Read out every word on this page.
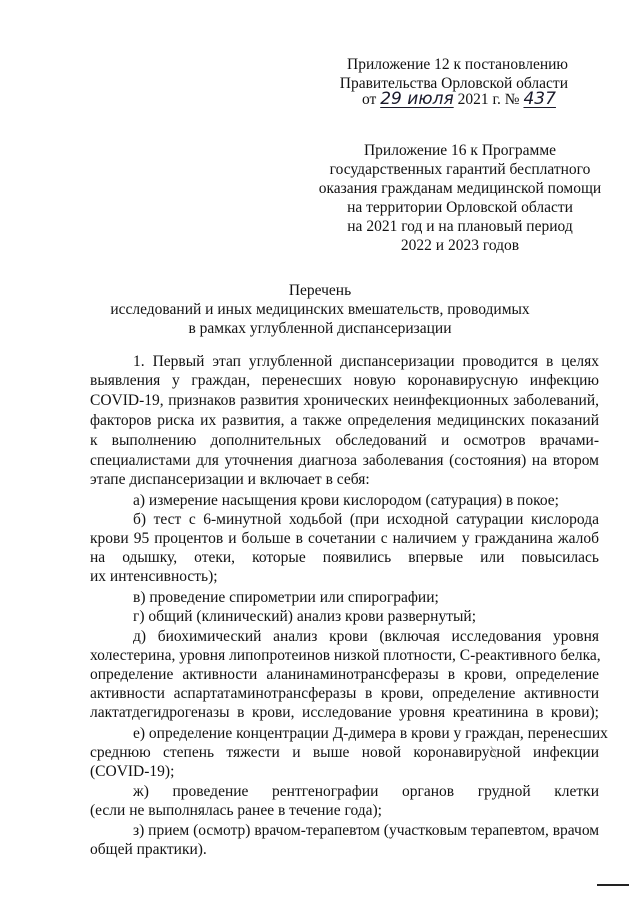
Приложение 12 к постановлению
Правительства Орловской области
от 29 июля 2021 г. № 437
Приложение 16 к Программе
государственных гарантий бесплатного
оказания гражданам медицинской помощи
на территории Орловской области
на 2021 год и на плановый период
2022 и 2023 годов
Перечень
исследований и иных медицинских вмешательств, проводимых
в рамках углубленной диспансеризации
1. Первый этап углубленной диспансеризации проводится в целях
выявления у граждан, перенесших новую коронавирусную инфекцию
COVID-19, признаков развития хронических неинфекционных заболеваний,
факторов риска их развития, а также определения медицинских показаний
к выполнению дополнительных обследований и осмотров врачами-
специалистами для уточнения диагноза заболевания (состояния) на втором
этапе диспансеризации и включает в себя:
а) измерение насыщения крови кислородом (сатурация) в покое;
б) тест с 6-минутной ходьбой (при исходной сатурации кислорода
крови 95 процентов и больше в сочетании с наличием у гражданина жалоб
на одышку, отеки, которые появились впервые или повысилась
их интенсивность);
в) проведение спирометрии или спирографии;
г) общий (клинический) анализ крови развернутый;
д) биохимический анализ крови (включая исследования уровня
холестерина, уровня липопротеинов низкой плотности, С-реактивного белка,
определение активности аланинаминотрансферазы в крови, определение
активности аспартатаминотрансферазы в крови, определение активности
лактатдегидрогеназы в крови, исследование уровня креатинина в крови);
е) определение концентрации Д-димера в крови у граждан, перенесших
среднюю степень тяжести и выше новой коронавирусной инфекции
(COVID-19);
ж) проведение рентгенографии органов грудной клетки
(если не выполнялась ранее в течение года);
з) прием (осмотр) врачом-терапевтом (участковым терапевтом, врачом
общей практики).
